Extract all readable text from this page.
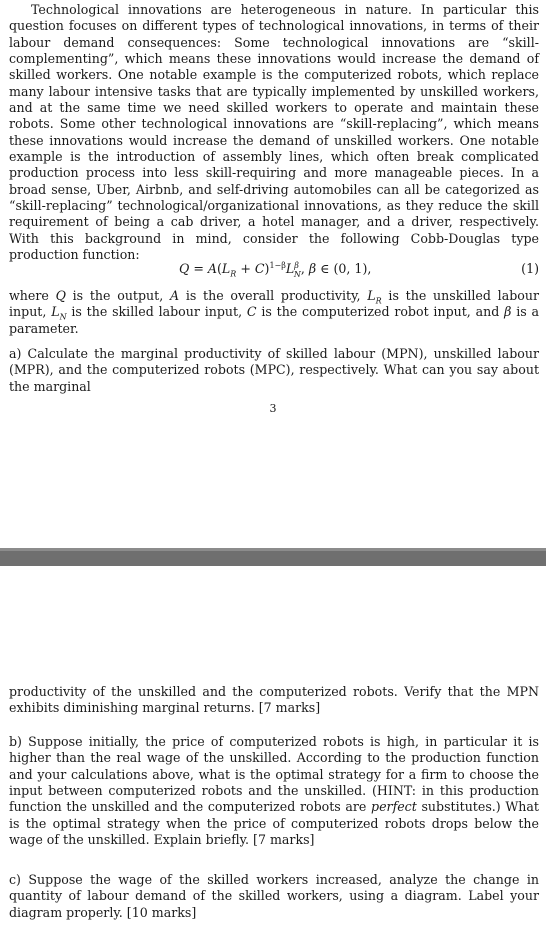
Technological innovations are heterogeneous in nature. In particular this question focuses on different types of technological innovations, in terms of their labour demand consequences: Some technological innovations are “skill-complementing”, which means these innovations would increase the demand of skilled workers. One notable example is the computerized robots, which replace many labour intensive tasks that are typically implemented by unskilled workers, and at the same time we need skilled workers to operate and maintain these robots. Some other technological innovations are “skill-replacing”, which means these innovations would increase the demand of unskilled workers. One notable example is the introduction of assembly lines, which often break complicated production process into less skill-requiring and more manageable pieces. In a broad sense, Uber, Airbnb, and self-driving automobiles can all be categorized as “skill-replacing” technological/organizational innovations, as they reduce the skill requirement of being a cab driver, a hotel manager, and a driver, respectively. With this background in mind, consider the following Cobb-Douglas type production function:

$Q = A(L_R + C)^{1-\beta}L^\beta_N$, β ∈ (0, 1),	(1)

where Q is the output, A is the overall productivity, $L_R$ is the unskilled labour input, $L_N$ is the skilled labour input, C is the computerized robot input, and β is a parameter.

a) Calculate the marginal productivity of skilled labour (MPN), unskilled labour (MPR), and the computerized robots (MPC), respectively. What can you say about the marginal

3

productivity of the unskilled and the computerized robots. Verify that the MPN exhibits diminishing marginal returns. [7 marks]

b) Suppose initially, the price of computerized robots is high, in particular it is higher than the real wage of the unskilled. According to the production function and your calculations above, what is the optimal strategy for a firm to choose the input between computerized robots and the unskilled. (HINT: in this production function the unskilled and the computerized robots are perfect substitutes.) What is the optimal strategy when the price of computerized robots drops below the wage of the unskilled. Explain briefly. [7 marks]

c) Suppose the wage of the skilled workers increased, analyze the change in quantity of labour demand of the skilled workers, using a diagram. Label your diagram properly. [10 marks]
